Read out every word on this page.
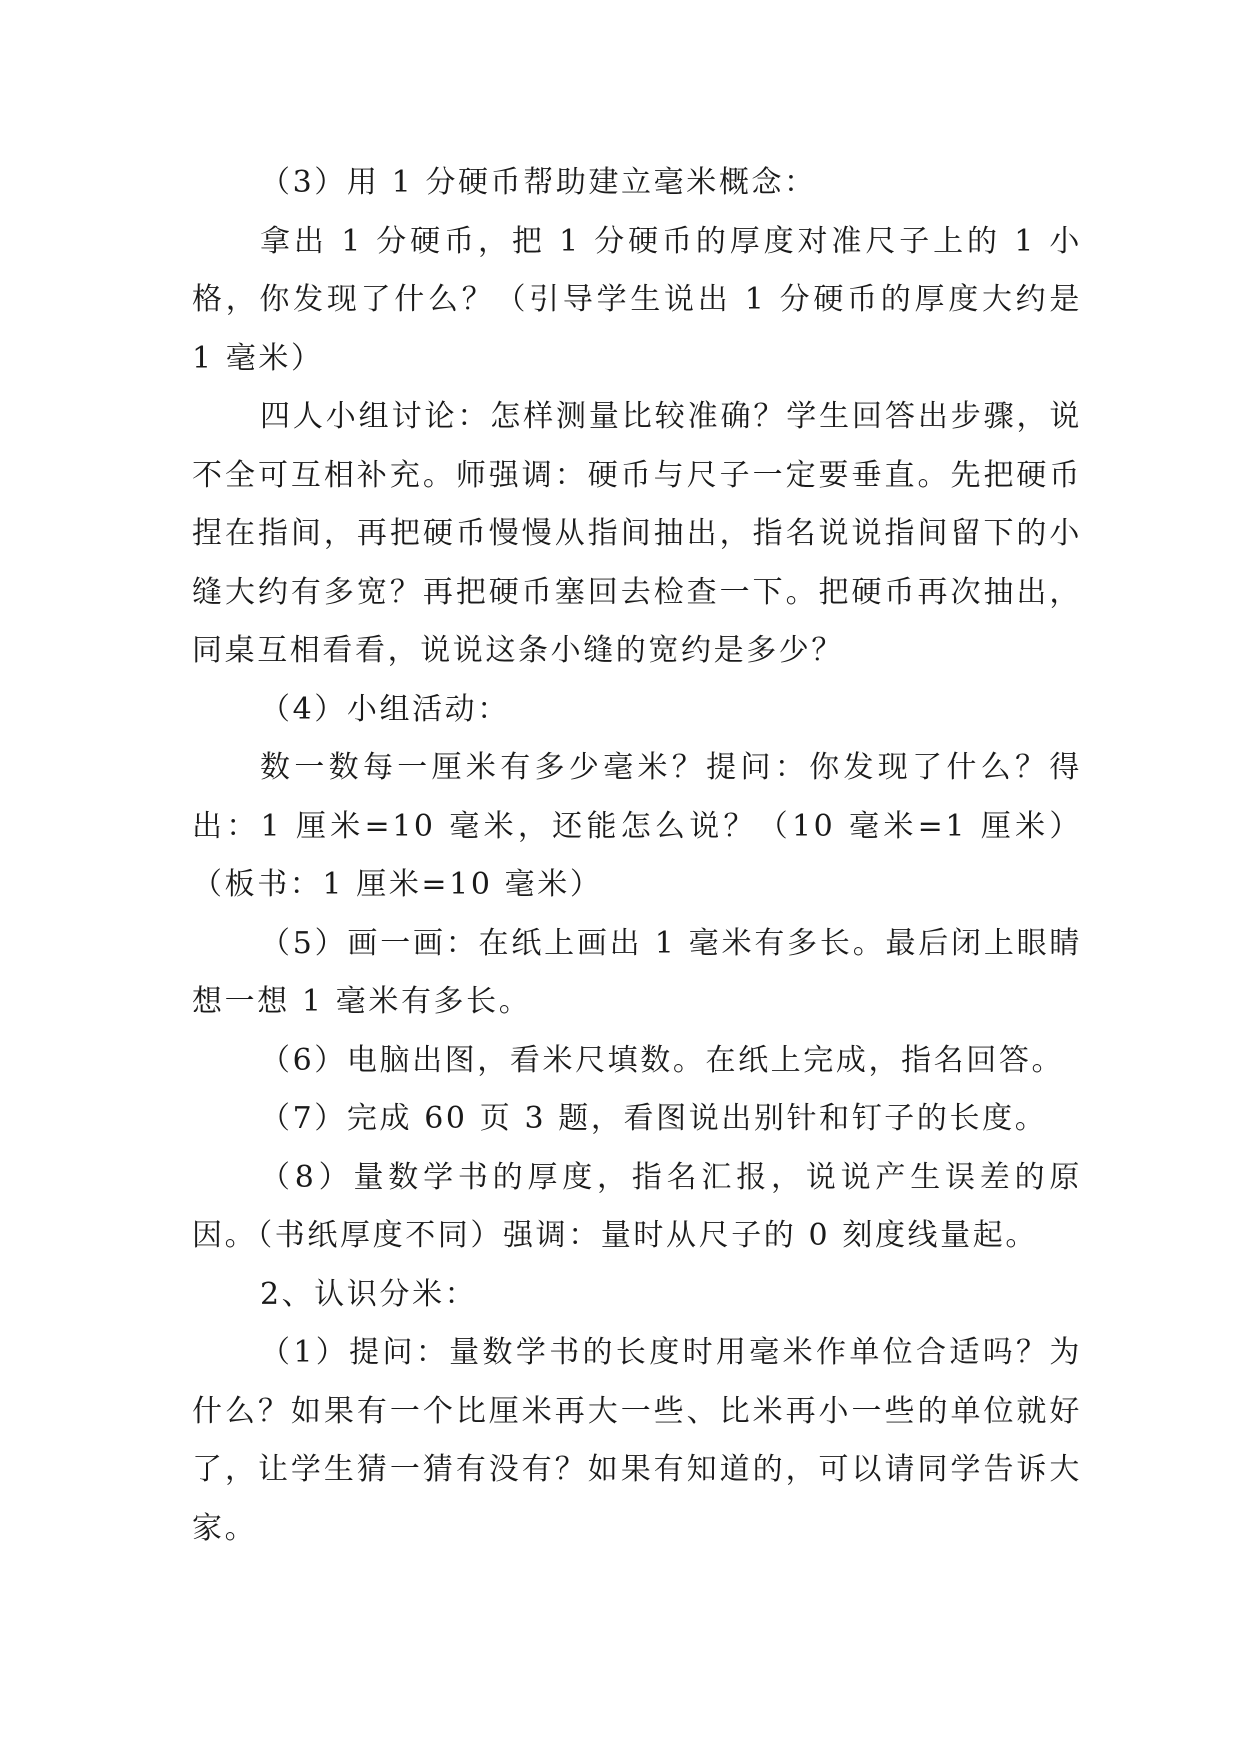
（3）用 1 分硬币帮助建立毫米概念：

拿出 1 分硬币，把 1 分硬币的厚度对准尺子上的 1 小格，你发现了什么？（引导学生说出 1 分硬币的厚度大约是 1 毫米）

四人小组讨论：怎样测量比较准确？学生回答出步骤，说不全可互相补充。师强调：硬币与尺子一定要垂直。先把硬币捏在指间，再把硬币慢慢从指间抽出，指名说说指间留下的小缝大约有多宽？再把硬币塞回去检查一下。把硬币再次抽出，同桌互相看看，说说这条小缝的宽约是多少？

（4）小组活动：

数一数每一厘米有多少毫米？提问：你发现了什么？得出：1 厘米=10 毫米，还能怎么说？（10 毫米=1 厘米）（板书：1 厘米=10 毫米）

（5）画一画：在纸上画出 1 毫米有多长。最后闭上眼睛想一想 1 毫米有多长。

（6）电脑出图，看米尺填数。在纸上完成，指名回答。

（7）完成 60 页 3 题，看图说出别针和钉子的长度。

（8）量数学书的厚度，指名汇报，说说产生误差的原因。（书纸厚度不同）强调：量时从尺子的 0 刻度线量起。

2、认识分米：

（1）提问：量数学书的长度时用毫米作单位合适吗？为什么？如果有一个比厘米再大一些、比米再小一些的单位就好了，让学生猜一猜有没有？如果有知道的，可以请同学告诉大家。
